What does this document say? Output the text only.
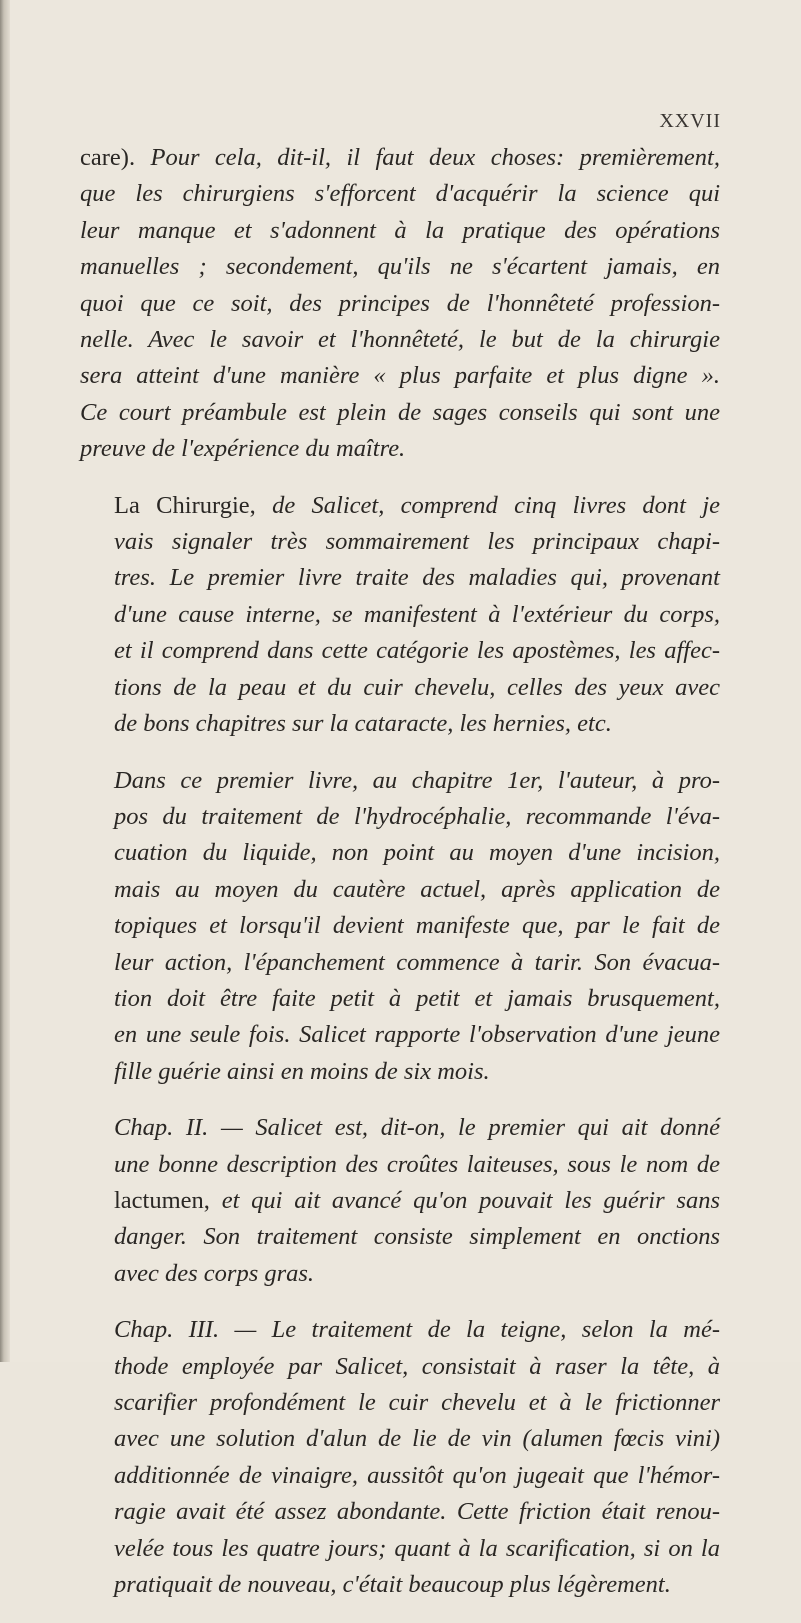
XXVII

care). Pour cela, dit-il, il faut deux choses: premièrement,
que les chirurgiens s'efforcent d'acquérir la science qui
leur manque et s'adonnent à la pratique des opérations
manuelles ; secondement, qu'ils ne s'écartent jamais, en
quoi que ce soit, des principes de l'honnêteté profession-
nelle. Avec le savoir et l'honnêteté, le but de la chirurgie
sera atteint d'une manière « plus parfaite et plus digne ».
Ce court préambule est plein de sages conseils qui sont une
preuve de l'expérience du maître.

La Chirurgie, de Salicet, comprend cinq livres dont je
vais signaler très sommairement les principaux chapi-
tres. Le premier livre traite des maladies qui, provenant
d'une cause interne, se manifestent à l'extérieur du corps,
et il comprend dans cette catégorie les apostèmes, les affec-
tions de la peau et du cuir chevelu, celles des yeux avec
de bons chapitres sur la cataracte, les hernies, etc.

Dans ce premier livre, au chapitre 1er, l'auteur, à pro-
pos du traitement de l'hydrocéphalie, recommande l'éva-
cuation du liquide, non point au moyen d'une incision,
mais au moyen du cautère actuel, après application de
topiques et lorsqu'il devient manifeste que, par le fait de
leur action, l'épanchement commence à tarir. Son évacua-
tion doit être faite petit à petit et jamais brusquement,
en une seule fois. Salicet rapporte l'observation d'une jeune
fille guérie ainsi en moins de six mois.

Chap. II. — Salicet est, dit-on, le premier qui ait donné
une bonne description des croûtes laiteuses, sous le nom de
lactumen, et qui ait avancé qu'on pouvait les guérir sans
danger. Son traitement consiste simplement en onctions
avec des corps gras.

Chap. III. — Le traitement de la teigne, selon la mé-
thode employée par Salicet, consistait à raser la tête, à
scarifier profondément le cuir chevelu et à le frictionner
avec une solution d'alun de lie de vin (alumen fœcis vini)
additionnée de vinaigre, aussitôt qu'on jugeait que l'hémor-
ragie avait été assez abondante. Cette friction était renou-
velée tous les quatre jours; quant à la scarification, si on la
pratiquait de nouveau, c'était beaucoup plus légèrement.
